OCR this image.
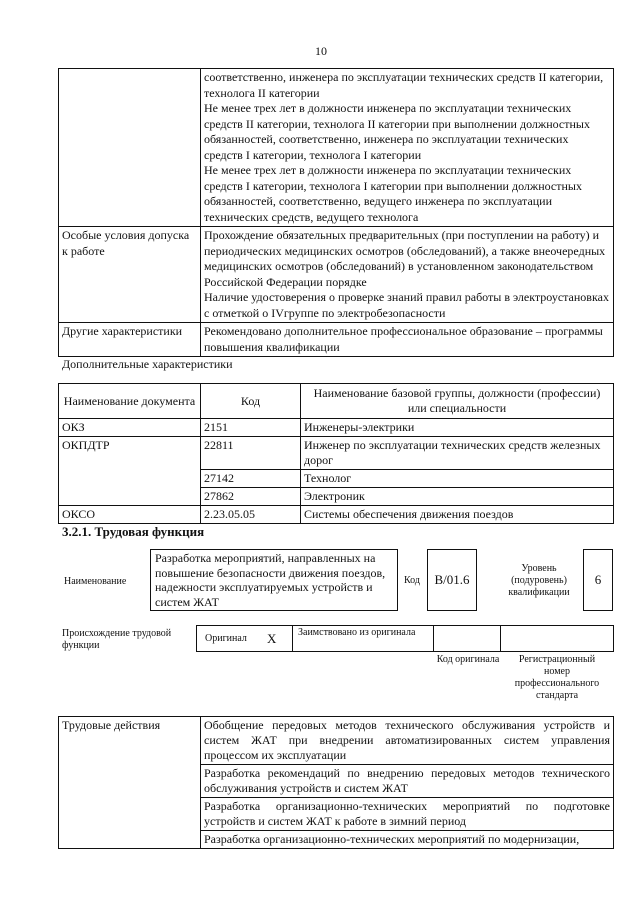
10

	соответственно, инженера по эксплуатации технических средств II категории, технолога II категории
Не менее трех лет в должности инженера по эксплуатации технических средств II категории, технолога II категории при выполнении должностных обязанностей, соответственно, инженера по эксплуатации технических средств I категории, технолога I категории
Не менее трех лет в должности инженера по эксплуатации технических средств I категории, технолога I категории при выполнении должностных обязанностей, соответственно, ведущего инженера по эксплуатации технических средств, ведущего технолога

Особые условия допуска к работе	Прохождение обязательных предварительных (при поступлении на работу) и периодических медицинских осмотров (обследований), а также внеочередных медицинских осмотров (обследований) в установленном законодательством Российской Федерации порядке
Наличие удостоверения о проверке знаний правил работы в электроустановках с отметкой о IVгруппе по электробезопасности

Другие характеристики	Рекомендовано дополнительное профессиональное образование – программы повышения квалификации
Дополнительные характеристики
Наименование документа	Код	Наименование базовой группы, должности (профессии) или специальности
ОКЗ	2151	Инженеры-электрики
ОКПДТР	22811	Инженер по эксплуатации технических средств железных дорог
	27142	Технолог
	27862	Электроник
ОКСО	2.23.05.05	Системы обеспечения движения поездов
3.2.1. Трудовая функция
Наименование
Разработка мероприятий, направленных на повышение безопасности движения поездов, надежности эксплуатируемых устройств и систем ЖАТ
Код B/01.6
Уровень (подуровень) квалификации
6
Происхождение трудовой функции
Оригинал X Заимствовано из оригинала
Код оригинала	Регистрационный номер профессионального стандарта
Трудовые действия	Обобщение передовых методов технического обслуживания устройств и систем ЖАТ при внедрении автоматизированных систем управления процессом их эксплуатации
Разработка рекомендаций по внедрению передовых методов технического обслуживания устройств и систем ЖАТ
Разработка организационно-технических мероприятий по подготовке устройств и систем ЖАТ к работе в зимний период
Разработка организационно-технических мероприятий по модернизации,
